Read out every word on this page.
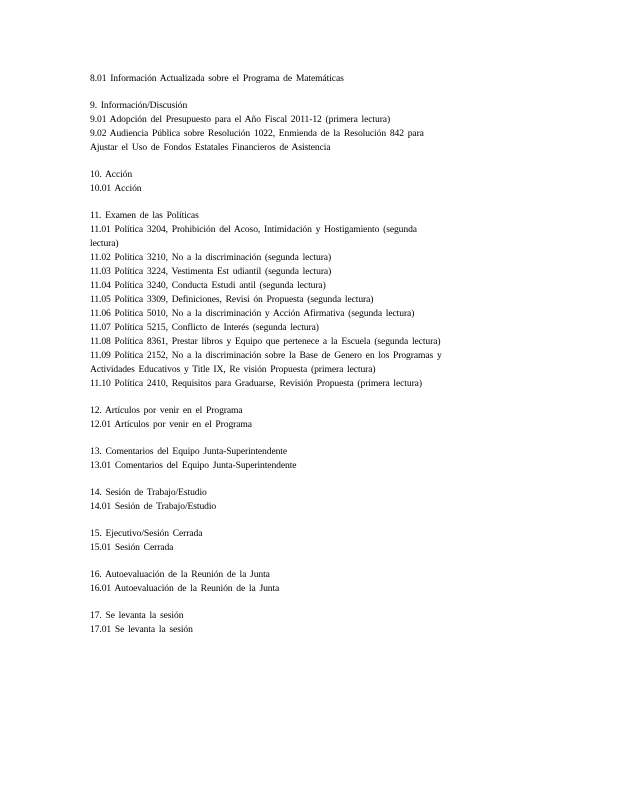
8.01 Información Actualizada sobre el Programa de Matemáticas
9. Información/Discusión
9.01 Adopción del Presupuesto para el Año Fiscal 2011-12 (primera lectura)
9.02 Audiencia Pública sobre Resolución 1022, Enmienda de la Resolución 842 para
Ajustar el Uso de Fondos Estatales Financieros de Asistencia
10. Acción
10.01 Acción
11. Examen de las Políticas
11.01 Política 3204, Prohibición del Acoso, Intimidación y Hostigamiento (segunda
lectura)
11.02 Política 3210, No a la discriminación (segunda lectura)
11.03 Política 3224, Vestimenta Est udiantil (segunda lectura)
11.04 Política 3240, Conducta Estudi antil (segunda lectura)
11.05 Política 3309, Definiciones, Revisi ón Propuesta (segunda lectura)
11.06 Política 5010, No a la discriminación y Acción Afirmativa (segunda lectura)
11.07 Política 5215, Conflicto de Interés (segunda lectura)
11.08 Política 8361, Prestar libros y Equipo que pertenece a la Escuela (segunda lectura)
11.09 Política 2152, No a la discriminación sobre la Base de Genero en los Programas y
Actividades Educativos y Title IX, Re visión Propuesta (primera lectura)
11.10 Política 2410, Requisitos para Graduarse, Revisión Propuesta (primera lectura)
12. Artículos por venir en el Programa
12.01 Artículos por venir en el Programa
13. Comentarios del Equipo Junta-Superintendente
13.01 Comentarios del Equipo Junta-Superintendente
14. Sesión de Trabajo/Estudio
14.01 Sesión de Trabajo/Estudio
15. Ejecutivo/Sesión Cerrada
15.01 Sesión Cerrada
16. Autoevaluación de la Reunión de la Junta
16.01 Autoevaluación de la Reunión de la Junta
17. Se levanta la sesión
17.01 Se levanta la sesión
